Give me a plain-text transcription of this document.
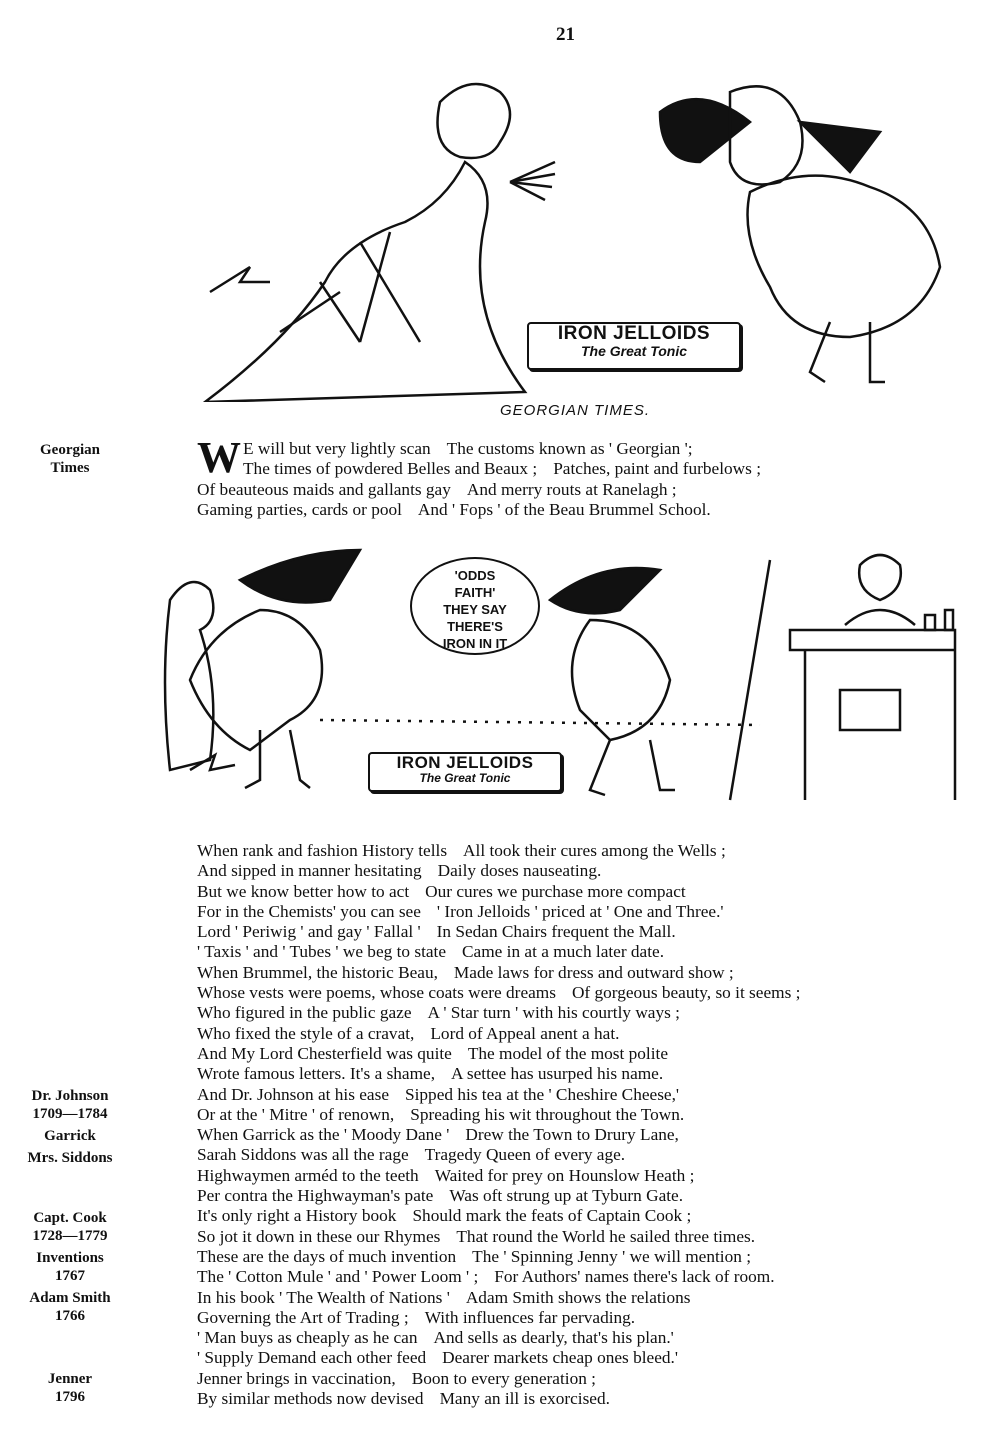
21
IRON JELLOIDS
The Great Tonic
GEORGIAN TIMES.
Georgian
Times	W E will but very lightly scan The customs known as ' Georgian ';
The times of powdered Belles and Beaux ; Patches, paint and furbelows ;
Of beauteous maids and gallants gay And merry routs at Ranelagh ;
Gaming parties, cards or pool And ' Fops ' of the Beau Brummel School.
'ODDS
FAITH'
THEY SAY
THERE'S
IRON IN IT
IRON JELLOIDS
The Great Tonic
When rank and fashion History tells All took their cures among the Wells ;
And sipped in manner hesitating Daily doses nauseating.
But we know better how to act Our cures we purchase more compact
For in the Chemists' you can see ' Iron Jelloids ' priced at ' One and Three.'
Lord ' Periwig ' and gay ' Fallal ' In Sedan Chairs frequent the Mall.
' Taxis ' and ' Tubes ' we beg to state Came in at a much later date.
When Brummel, the historic Beau, Made laws for dress and outward show ;
Whose vests were poems, whose coats were dreams Of gorgeous beauty, so it seems ;
Who figured in the public gaze A ' Star turn ' with his courtly ways ;
Who fixed the style of a cravat, Lord of Appeal anent a hat.
And My Lord Chesterfield was quite The model of the most polite
Wrote famous letters. It's a shame, A settee has usurped his name.
And Dr. Johnson at his ease Sipped his tea at the ' Cheshire Cheese,'
Or at the ' Mitre ' of renown, Spreading his wit throughout the Town.
When Garrick as the ' Moody Dane ' Drew the Town to Drury Lane,
Sarah Siddons was all the rage Tragedy Queen of every age.
Highwaymen arméd to the teeth Waited for prey on Hounslow Heath ;
Per contra the Highwayman's pate Was oft strung up at Tyburn Gate.
It's only right a History book Should mark the feats of Captain Cook ;
So jot it down in these our Rhymes That round the World he sailed three times.
These are the days of much invention The ' Spinning Jenny ' we will mention ;
The ' Cotton Mule ' and ' Power Loom ' ; For Authors' names there's lack of room.
In his book ' The Wealth of Nations ' Adam Smith shows the relations
Governing the Art of Trading ; With influences far pervading.
' Man buys as cheaply as he can And sells as dearly, that's his plan.'
' Supply Demand each other feed Dearer markets cheap ones bleed.'
Jenner brings in vaccination, Boon to every generation ;
By similar methods now devised Many an ill is exorcised.
Dr. Johnson
1709—1784
Garrick
Mrs. Siddons
Capt. Cook
1728—1779
Inventions
1767
Adam Smith
1766
Jenner
1796
